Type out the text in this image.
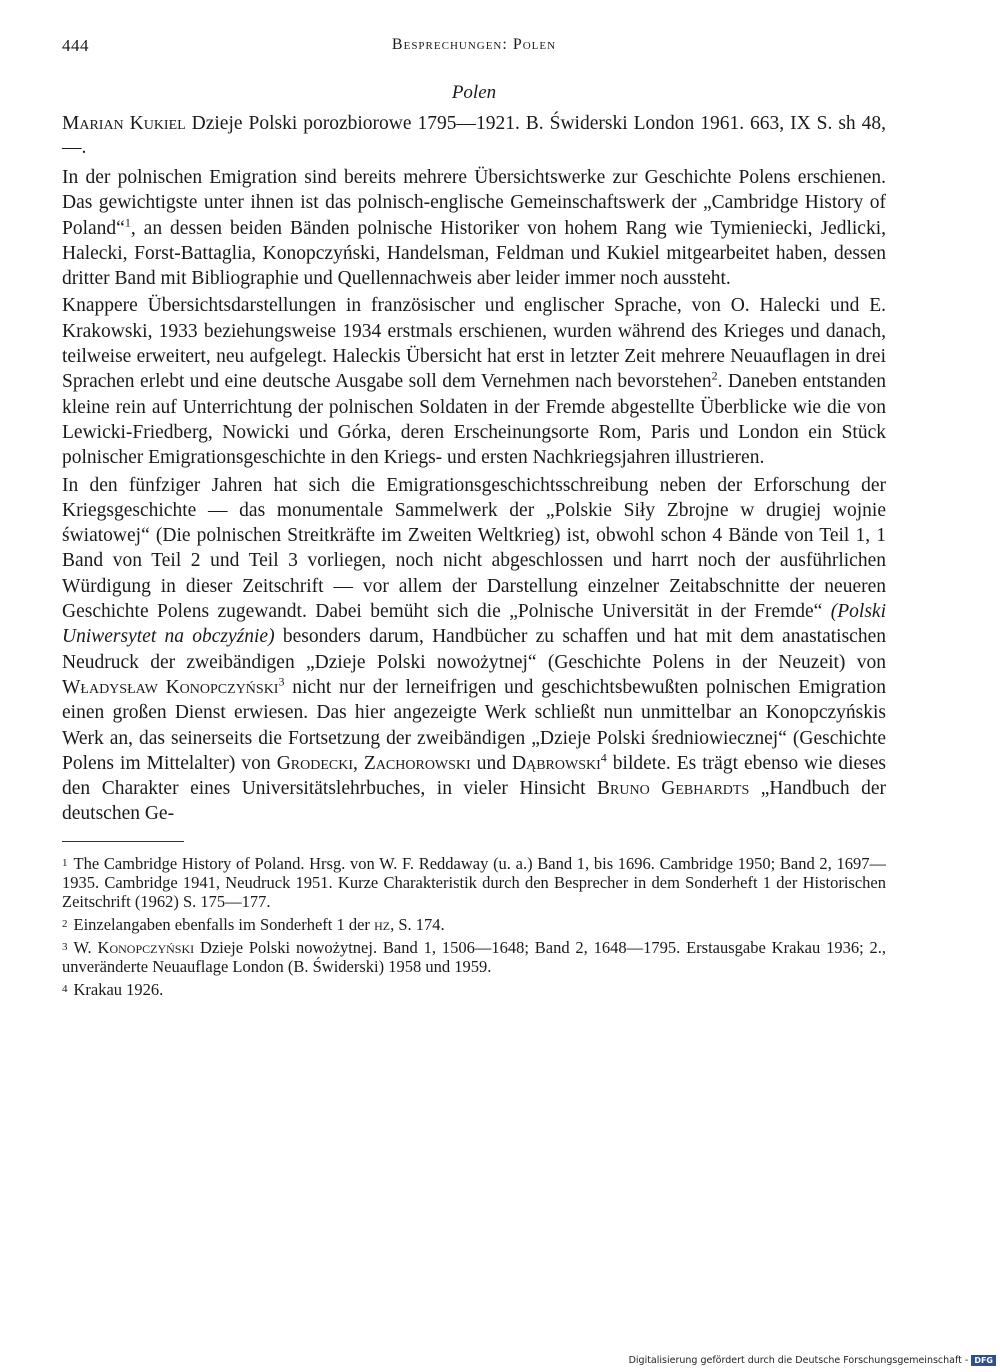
444	Besprechungen: Polen
Polen

Marian Kukiel Dzieje Polski porozbiorowe 1795—1921. B. Świderski London 1961. 663, IX S. sh 48,—.

In der polnischen Emigration sind bereits mehrere Übersichtswerke zur Geschichte Polens erschienen. Das gewichtigste unter ihnen ist das polnisch-englische Gemeinschaftswerk der „Cambridge History of Poland“$^1$, an dessen beiden Bänden polnische Historiker von hohem Rang wie Tymieniecki, Jedlicki, Halecki, Forst-Battaglia, Konopczyński, Handelsman, Feldman und Kukiel mitgearbeitet haben, dessen dritter Band mit Bibliographie und Quellennachweis aber leider immer noch aussteht.

Knappere Übersichtsdarstellungen in französischer und englischer Sprache, von O. Halecki und E. Krakowski, 1933 beziehungsweise 1934 erstmals erschienen, wurden während des Krieges und danach, teilweise erweitert, neu aufgelegt. Haleckis Übersicht hat erst in letzter Zeit mehrere Neuauflagen in drei Sprachen erlebt und eine deutsche Ausgabe soll dem Vernehmen nach bevorstehen$^2$. Daneben entstanden kleine rein auf Unterrichtung der polnischen Soldaten in der Fremde abgestellte Überblicke wie die von Lewicki-Friedberg, Nowicki und Górka, deren Erscheinungsorte Rom, Paris und London ein Stück polnischer Emigrationsgeschichte in den Kriegs- und ersten Nachkriegsjahren illustrieren.

In den fünfziger Jahren hat sich die Emigrationsgeschichtsschreibung neben der Erforschung der Kriegsgeschichte — das monumentale Sammelwerk der „Polskie Siły Zbrojne w drugiej wojnie światowej“ (Die polnischen Streitkräfte im Zweiten Weltkrieg) ist, obwohl schon 4 Bände von Teil 1, 1 Band von Teil 2 und Teil 3 vorliegen, noch nicht abgeschlossen und harrt noch der ausführlichen Würdigung in dieser Zeitschrift — vor allem der Darstellung einzelner Zeitabschnitte der neueren Geschichte Polens zugewandt. Dabei bemüht sich die „Polnische Universität in der Fremde“ (Polski Uniwersytet na obczyźnie) besonders darum, Handbücher zu schaffen und hat mit dem anastatischen Neudruck der zweibändigen „Dzieje Polski nowożytnej“ (Geschichte Polens in der Neuzeit) von Władysław Konopczyński$^3$ nicht nur der lerneifrigen und geschichtsbewußten polnischen Emigration einen großen Dienst erwiesen. Das hier angezeigte Werk schließt nun unmittelbar an Konopczyńskis Werk an, das seinerseits die Fortsetzung der zweibändigen „Dzieje Polski średniowiecznej“ (Geschichte Polens im Mittelalter) von Grodecki, Zachorowski und Dąbrowski$^4$ bildete. Es trägt ebenso wie dieses den Charakter eines Universitätslehrbuches, in vieler Hinsicht Bruno Gebhardts „Handbuch der deutschen Ge-

$^1$ The Cambridge History of Poland. Hrsg. von W. F. Reddaway (u. a.) Band 1, bis 1696. Cambridge 1950; Band 2, 1697—1935. Cambridge 1941, Neudruck 1951. Kurze Charakteristik durch den Besprecher in dem Sonderheft 1 der Historischen Zeitschrift (1962) S. 175—177.

$^2$ Einzelangaben ebenfalls im Sonderheft 1 der hz, S. 174.

$^3$ W. Konopczyński Dzieje Polski nowożytnej. Band 1, 1506—1648; Band 2, 1648—1795. Erstausgabe Krakau 1936; 2., unveränderte Neuauflage London (B. Świderski) 1958 und 1959.

$^4$ Krakau 1926.

Digitalisierung gefördert durch die Deutsche Forschungsgemeinschaft - DFG
